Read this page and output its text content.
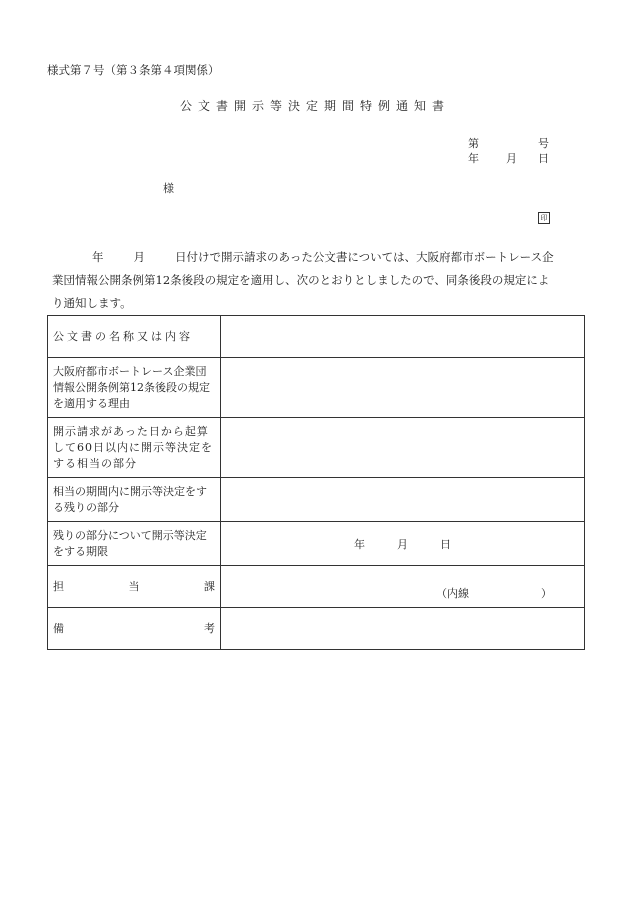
様式第７号（第３条第４項関係）
公文書開示等決定期間特例通知書
第	号
年 月 日
様
印
年	月	日付けで開示請求のあった公文書については、大阪府都市ボートレース企
業団情報公開条例第12条後段の規定を適用し、次のとおりとしましたので、同条後段の規定によ
り通知します。
公文書の名称又は内容	
大阪府都市ボートレース企業団情報公開条例第12条後段の規定を適用する理由	
開示請求があった日から起算して60日以内に開示等決定をする相当の部分	
相当の期間内に開示等決定をする残りの部分	
残りの部分について開示等決定をする期限	年 月 日

担 当 課	（内線 ）

備 考	
